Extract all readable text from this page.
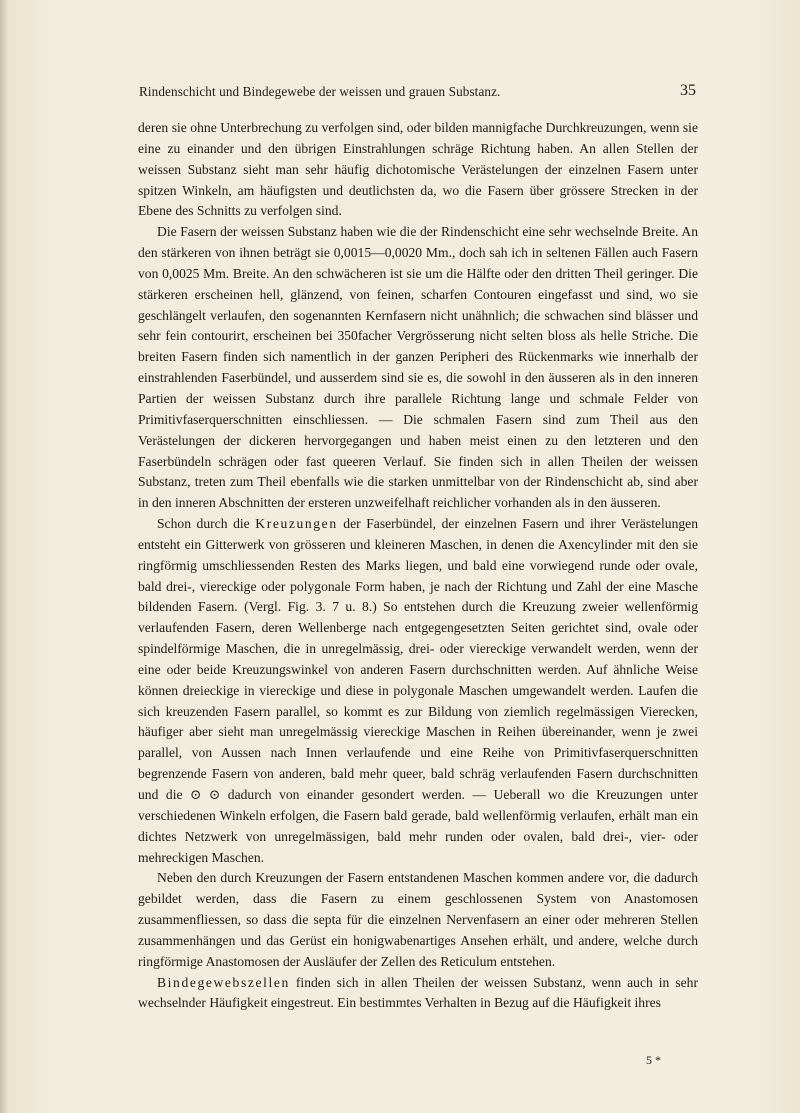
Rindenschicht und Bindegewebe der weissen und grauen Substanz.	35

deren sie ohne Unterbrechung zu verfolgen sind, oder bilden mannigfache Durchkreuzungen, wenn sie eine zu einander und den übrigen Einstrahlungen schräge Richtung haben. An allen Stellen der weissen Substanz sieht man sehr häufig dichotomische Verästelungen der einzelnen Fasern unter spitzen Winkeln, am häufigsten und deutlichsten da, wo die Fasern über grössere Strecken in der Ebene des Schnitts zu verfolgen sind.

Die Fasern der weissen Substanz haben wie die der Rindenschicht eine sehr wechselnde Breite. An den stärkeren von ihnen beträgt sie 0,0015—0,0020 Mm., doch sah ich in seltenen Fällen auch Fasern von 0,0025 Mm. Breite. An den schwächeren ist sie um die Hälfte oder den dritten Theil geringer. Die stärkeren erscheinen hell, glänzend, von feinen, scharfen Contouren eingefasst und sind, wo sie geschlängelt verlaufen, den sogenannten Kernfasern nicht unähnlich; die schwachen sind blässer und sehr fein contourirt, erscheinen bei 350facher Vergrösserung nicht selten bloss als helle Striche. Die breiten Fasern finden sich namentlich in der ganzen Peripheri des Rückenmarks wie innerhalb der einstrahlenden Faserbündel, und ausserdem sind sie es, die sowohl in den äusseren als in den inneren Partien der weissen Substanz durch ihre parallele Richtung lange und schmale Felder von Primitivfaserquerschnitten einschliessen. — Die schmalen Fasern sind zum Theil aus den Verästelungen der dickeren hervorgegangen und haben meist einen zu den letzteren und den Faserbündeln schrägen oder fast queeren Verlauf. Sie finden sich in allen Theilen der weissen Substanz, treten zum Theil ebenfalls wie die starken unmittelbar von der Rindenschicht ab, sind aber in den inneren Abschnitten der ersteren unzweifelhaft reichlicher vorhanden als in den äusseren.

Schon durch die Kreuzungen der Faserbündel, der einzelnen Fasern und ihrer Verästelungen entsteht ein Gitterwerk von grösseren und kleineren Maschen, in denen die Axencylinder mit den sie ringförmig umschliessenden Resten des Marks liegen, und bald eine vorwiegend runde oder ovale, bald drei-, viereckige oder polygonale Form haben, je nach der Richtung und Zahl der eine Masche bildenden Fasern. (Vergl. Fig. 3. 7 u. 8.) So entstehen durch die Kreuzung zweier wellenförmig verlaufenden Fasern, deren Wellenberge nach entgegengesetzten Seiten gerichtet sind, ovale oder spindelförmige Maschen, die in unregelmässig, drei- oder viereckige verwandelt werden, wenn der eine oder beide Kreuzungswinkel von anderen Fasern durchschnitten werden. Auf ähnliche Weise können dreieckige in viereckige und diese in polygonale Maschen umgewandelt werden. Laufen die sich kreuzenden Fasern parallel, so kommt es zur Bildung von ziemlich regelmässigen Vierecken, häufiger aber sieht man unregelmässig viereckige Maschen in Reihen übereinander, wenn je zwei parallel, von Aussen nach Innen verlaufende und eine Reihe von Primitivfaserquerschnitten begrenzende Fasern von anderen, bald mehr queer, bald schräg verlaufenden Fasern durchschnitten und die ⊙ ⊙ dadurch von einander gesondert werden. — Ueberall wo die Kreuzungen unter verschiedenen Winkeln erfolgen, die Fasern bald gerade, bald wellenförmig verlaufen, erhält man ein dichtes Netzwerk von unregelmässigen, bald mehr runden oder ovalen, bald drei-, vier- oder mehreckigen Maschen.

Neben den durch Kreuzungen der Fasern entstandenen Maschen kommen andere vor, die dadurch gebildet werden, dass die Fasern zu einem geschlossenen System von Anastomosen zusammenfliessen, so dass die septa für die einzelnen Nervenfasern an einer oder mehreren Stellen zusammenhängen und das Gerüst ein honigwabenartiges Ansehen erhält, und andere, welche durch ringförmige Anastomosen der Ausläufer der Zellen des Reticulum entstehen.

Bindegewebszellen finden sich in allen Theilen der weissen Substanz, wenn auch in sehr wechselnder Häufigkeit eingestreut. Ein bestimmtes Verhalten in Bezug auf die Häufigkeit ihres

5 *
